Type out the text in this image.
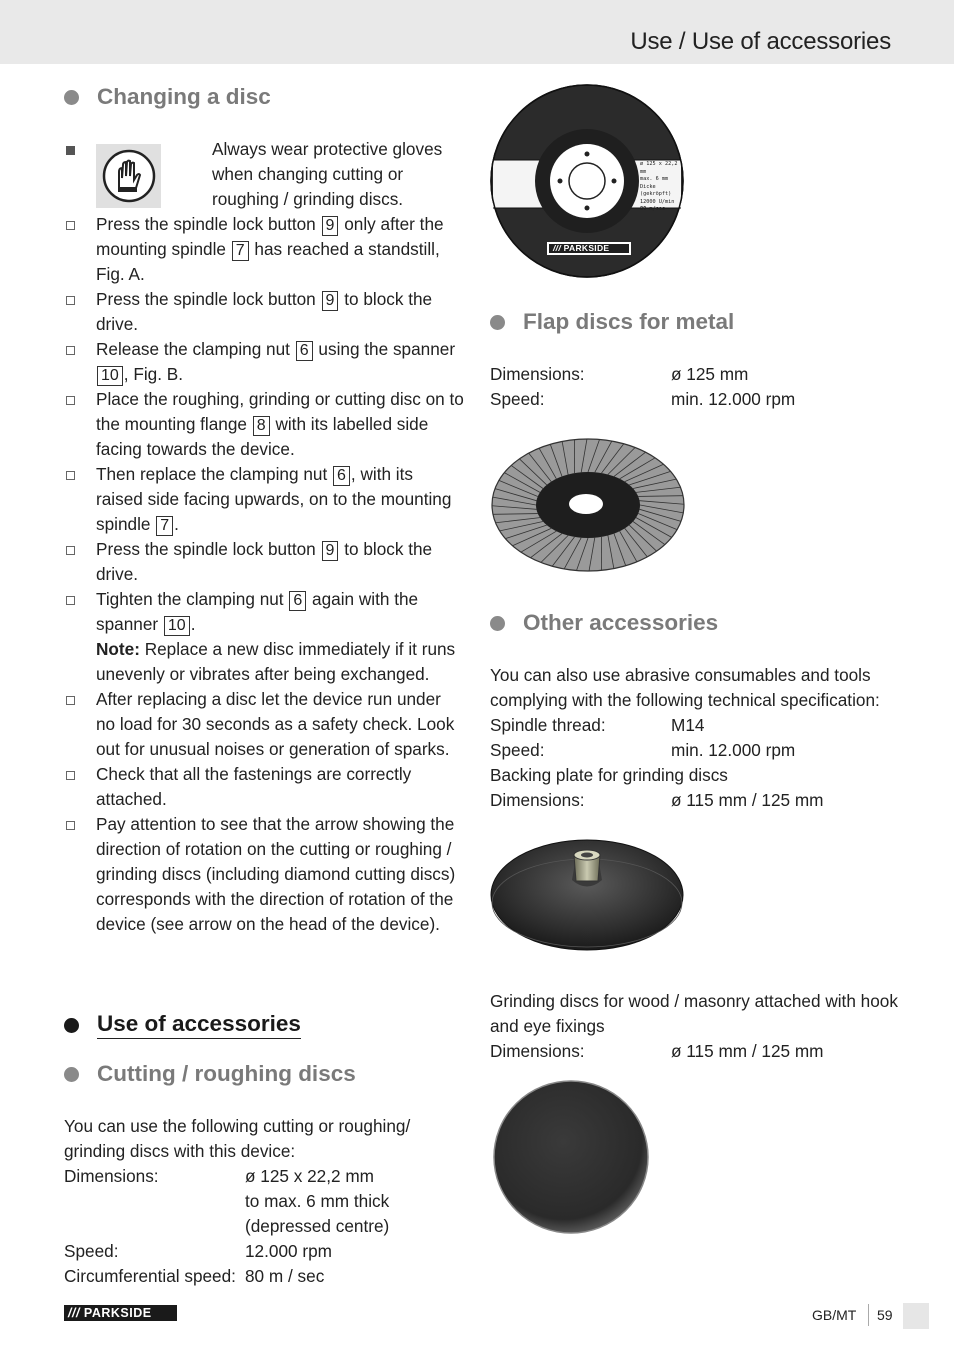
Use / Use of accessories
Changing a disc
Always wear protective gloves when changing cutting or roughing / grinding discs.
Press the spindle lock button 9 only after the mounting spindle 7 has reached a standstill, Fig. A.
Press the spindle lock button 9 to block the drive.
Release the clamping nut 6 using the spanner 10 , Fig. B.
Place the roughing, grinding or cutting disc on to the mounting flange 8 with its labelled side facing towards the device.
Then replace the clamping nut 6 , with its raised side facing upwards, on to the mounting spindle 7 .
Press the spindle lock button 9 to block the drive.
Tighten the clamping nut 6 again with the spanner 10 .
Note: Replace a new disc immediately if it runs unevenly or vibrates after being exchanged.
After replacing a disc let the device run under no load for 30 seconds as a safety check. Look out for unusual noises or generation of sparks.
Check that all the fastenings are correctly attached.
Pay attention to see that the arrow showing the direction of rotation on the cutting or roughing / grinding discs (including diamond cutting discs) corresponds with the direction of rotation of the device (see arrow on the head of the device).
Use of accessories
Cutting / roughing discs
You can use the following cutting or roughing/ grinding discs with this device:
Dimensions:	ø 125 x 22,2 mm
to max. 6 mm thick
(depressed centre)
Speed:	12.000 rpm
Circumferential speed: 80 m / sec
ø 125 x 22,2 mm
max. 6 mm Dicke
(gekröpft)
12000 U/min
80 m/sec
/// PARKSIDE
Flap discs for metal
Dimensions:	ø 125 mm
Speed:	min. 12.000 rpm
Other accessories
You can also use abrasive consumables and tools complying with the following technical specification:
Spindle thread:	M14
Speed:	min. 12.000 rpm
Backing plate for grinding discs
Dimensions:	ø 115 mm / 125 mm
Grinding discs for wood / masonry attached with hook and eye fixings
Dimensions:	ø 115 mm / 125 mm
/// PARKSIDE	GB/MT 59
